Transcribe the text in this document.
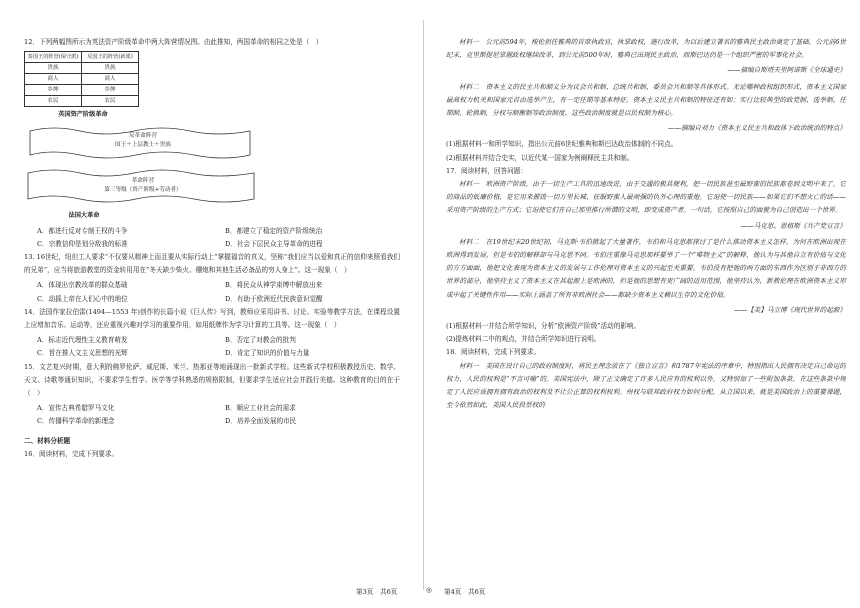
12．下列两幅图所示为英法资产阶级革命中两大阵营情况图。由此推知，两国革命的相同之处是（　）

泰国王的阵营(保守派)	反国王的阵营(新派)
贵族	贵族
商人	商人
乡绅	乡绅
农民	农民
英国资产阶级革命
反革命阵营
国王＋上层教士＋贵族
革命阵营
第三等级（资产阶级+劳动者）
法国大革命
A．都进行反对专制王权的斗争	B．都建立了稳定的资产阶级统治
C．宗教信仰是划分敌我的标准	D．社会下层民众主导革命的进程

13. 16世纪，纽但工人要求“不仅要从精神上而且要从实际行动上”掌握福音的真义，坚称“我们应当以爱和真正的信仰来照看我们的兄弟”，应当将旅游教堂的资金转用用在“冬天缺少柴火、棚炮和其他生活必备品的穷人身上”。这一现象（　）

A．体现出宗教改革的群众基础	B．将民众从神学束缚中解放出来
C．动摇上帝在人们心中的地位	D．有助于欧洲近代民族意识觉醒

14．法国作家拉伯雷(1494—1553 年)创作的长篇小说《巨人传》写到，教师应采用讲书、讨论、实验等教学方法，在课程设置上应增加音乐、运动等，还应重视兴趣对学习的重要作用，如用纸牌作为学习计算的工具等。这一现象（　）

A．标志近代理性主义教育萌发	B．否定了对教会的批判
C．旨在推人文主义思想的光辉	D．肯定了知识的价值与力量

15．文艺复兴时期，意大利的佛罗伦萨、威尼斯、米兰、热那亚等地涌现出一批新式学校。这些新式学校积极教授历史、数学、天文、诗歌等通识知识，不要求学生哲学、医学等学科熟悉的规格限制，但要求学生适应社会并践行美德。这种教育的目的在于（　）

A．宣传古典希腊罗马文化	B．顺应工业社会的需求
C．传播科学革命的新理念	D．培养全面发展的市民
二、材料分析题
16．阅读材料，完成下列要求。

材料一　公元前594年，梭伦担任雅典的首席执政官，执掌政权，施行改革，为以后建立著名的雅典民主政治奠定了基础。公元前6世纪末，克里斯提尼掌握政权继续改革，到公元前500年时，雅典已出现民主政治，而斯巴达仍是一个组织严密的军事化社会。

——摘编自斯塔夫里阿诺斯《全球通史》

材料二　资本主义的民主共和制义分为议会共和制、总统共和制、委员会共和制等具体形式。无论哪种政权组织形式，资本主义国家最高权力机关和国家元首由选举产生，有一定任期等基本特征，资本主义民主共和制的特征还有如：实行比较典型的政党制、选举制、任期制、轮换制，分权与制衡制等政治制度。这些政治制度就是以民权制为核心。

——摘编自刘力《资本主义民主共和政体下政治统治的特点》
(1)根据材料一和所学知识，指出公元前6世纪雅典和斯巴达政治体制的不同点。
(2)根据材料并结合史实，以近代某一国家为例阐释民主共和制。
17．阅读材料，回答问题：

材料一　欧洲资产阶级，由于一切生产工具的迅速改进，由于交通的极其便利，把一切民族甚至最野蛮的民族都卷到文明中来了。它的商品的低廉价格，是它用来摧毁一切万里长城、征服野蛮人最顽强的仇外心理的重炮。它迫使一切民族——如果它们不想灭亡的话——采用资产阶级的生产方式；它迫使它们在自己那里推行所谓的文明，即变成资产者。一句话，它按照自己的面貌为自己创造出一个世界。

——马克思、恩格斯《共产党宣言》

材料二　在19世纪末20世纪初，马克斯·韦伯掀起了大量著作，韦伯和马克思都探讨了是什么推动资本主义怎样，为何在欧洲出现在欧洲得到发展，但是韦伯的解释却与马克思不同。韦伯注重像马克思那样要举了一个“唯物主义”的解释，他认为与其他自立有价值与文化的方方面面，他把文化表现为资本主义的发展与工作伦理对资本主义的兴起至关重要。韦伯没有把他的两方面的东西作为区别于非西方的世界的部分，他坚持主义了资本主义在其起源上是欧洲的，但是他的思想有更广阔的适用范围，他坚持认为，新教伦理在欧洲资本主义形成中起了关键性作用——实际上涵盖了所有非欧洲社会——都缺少资本主义赖以生存的文化价值。

——【美】马立博《现代世界的起源》
(1)根据材料一并结合所学知识，分析“欧洲资产阶级”活动的影响。
(2)提炼材料二中的观点，并结合所学知识进行说明。
18．阅读材料，完成下列要求。

材料一　美国在设计自己的政府制度时，将民主理念放在了《独立宣言》和1787年宪法的序章中，特别指出人民拥有决定自己命运的权力，人民的权利是“不言可喻”的。美国宪法中，除了正文确定了许多人民应有的权利以外，又特别加了一些附加条款，在这些条款中规定了人民应该拥有拥有政治的权利及不让公正算的权利权利。州权与联邦政府权力如何分配，从立国以来，就是美国政治上的重要课题，至今依然如此，美国人民投票权的

第3页　共6页	◎ 第4页　共6页
